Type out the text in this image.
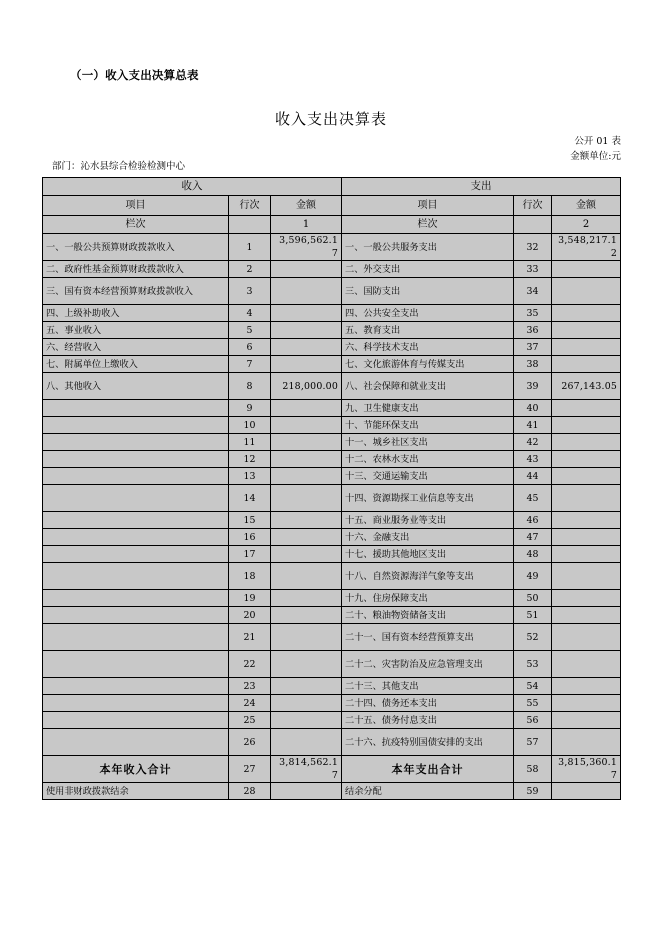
（一）收入支出决算总表
收入支出决算表
公开 01 表
金额单位:元
部门：沁水县综合检验检测中心
收入			支出		
项目	行次	金额	项目	行次	金额
栏次		1	栏次		2
一、一般公共预算财政拨款收入	1	3,596,562.17	一、一般公共服务支出	32	3,548,217.12
二、政府性基金预算财政拨款收入	2		二、外交支出	33	
三、国有资本经营预算财政拨款收入	3		三、国防支出	34	
四、上级补助收入	4		四、公共安全支出	35	
五、事业收入	5		五、教育支出	36	
六、经营收入	6		六、科学技术支出	37	
七、附属单位上缴收入	7		七、文化旅游体育与传媒支出	38	
八、其他收入	8	218,000.00	八、社会保障和就业支出	39	267,143.05
	9		九、卫生健康支出	40	
	10		十、节能环保支出	41	
	11		十一、城乡社区支出	42	
	12		十二、农林水支出	43	
	13		十三、交通运输支出	44	
	14		十四、资源勘探工业信息等支出	45	
	15		十五、商业服务业等支出	46	
	16		十六、金融支出	47	
	17		十七、援助其他地区支出	48	
	18		十八、自然资源海洋气象等支出	49	
	19		十九、住房保障支出	50	
	20		二十、粮油物资储备支出	51	
	21		二十一、国有资本经营预算支出	52	
	22		二十二、灾害防治及应急管理支出	53	
	23		二十三、其他支出	54	
	24		二十四、债务还本支出	55	
	25		二十五、债务付息支出	56	
	26		二十六、抗疫特别国债安排的支出	57	
本年收入合计	27	3,814,562.17	本年支出合计	58	3,815,360.17
使用非财政拨款结余	28		结余分配	59	
